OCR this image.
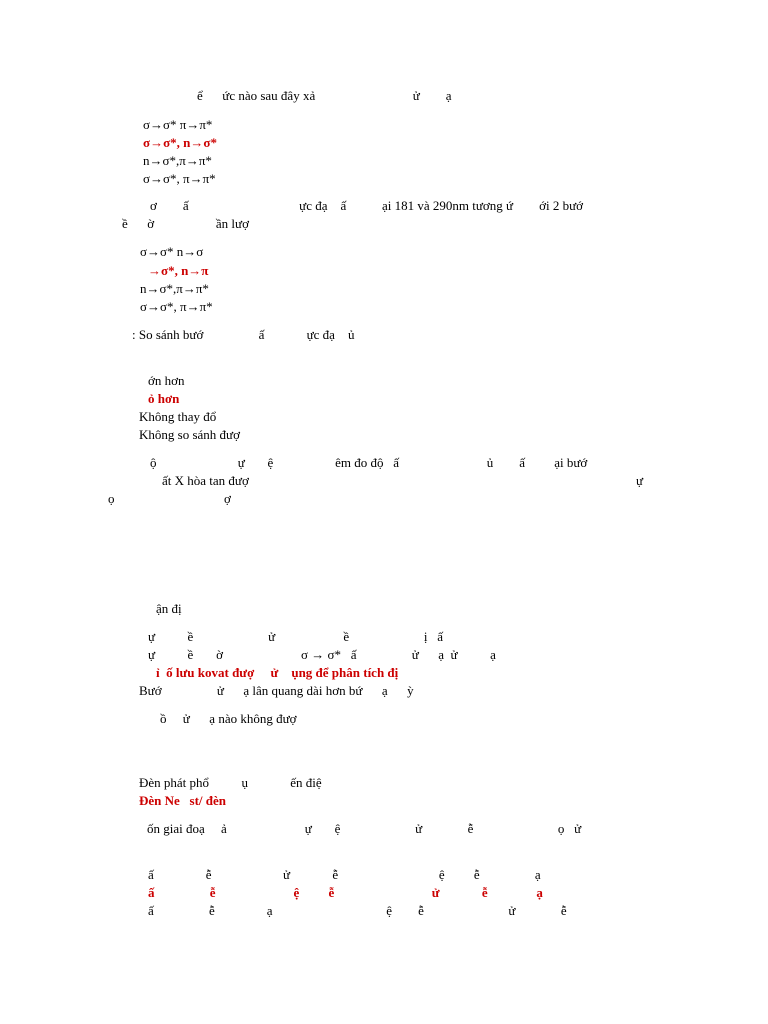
ể      ức nào sau đây xả                              ử        ạ
σ→σ* π→π*
σ→σ*, n→σ*
n→σ*,π→π*
σ→σ*, π→π*
ơ        ấ                                  ực đạ    ấ           ại 181 và 290nm tương ứ        ới 2 bướ
ề      ờ                   ần lượ
σ→σ* n→σ
→σ*, n→π
n→σ*,π→π*
σ→σ*, π→π*
: So sánh bướ                 ấ             ực đạ    ủ
ớn hơn
ỏ hơn
Không thay đổ
Không so sánh đượ
ộ                         ự       ệ                   êm đo độ   ấ                           ủ        ấ         ại bướ
ất X hòa tan đượ	ự
ọ	ợ
ận đị
ự          ề                       ử                     ề                       ị   ấ
ự          ề       ờ                        σ → σ*   ấ                 ử      ạ  ử          ạ
ỉ  ố lưu kovat đượ     ử    ụng để phân tích đị
Bướ                 ử      ạ lân quang dài hơn bứ      ạ      ỳ
ồ     ử      ạ nào không đượ
Đèn phát phổ          ụ             ến điệ
Đèn Ne   st/ đèn
ốn giai đoạ     ả                        ự       ệ                       ử              ễ                          ọ   ử
ấ                ễ                      ử             ễ                               ệ         ễ                 ạ
ấ                 ễ                        ệ         ễ                              ử             ễ               ạ
ấ                 ễ                ạ                                   ệ        ễ                          ử              ễ
